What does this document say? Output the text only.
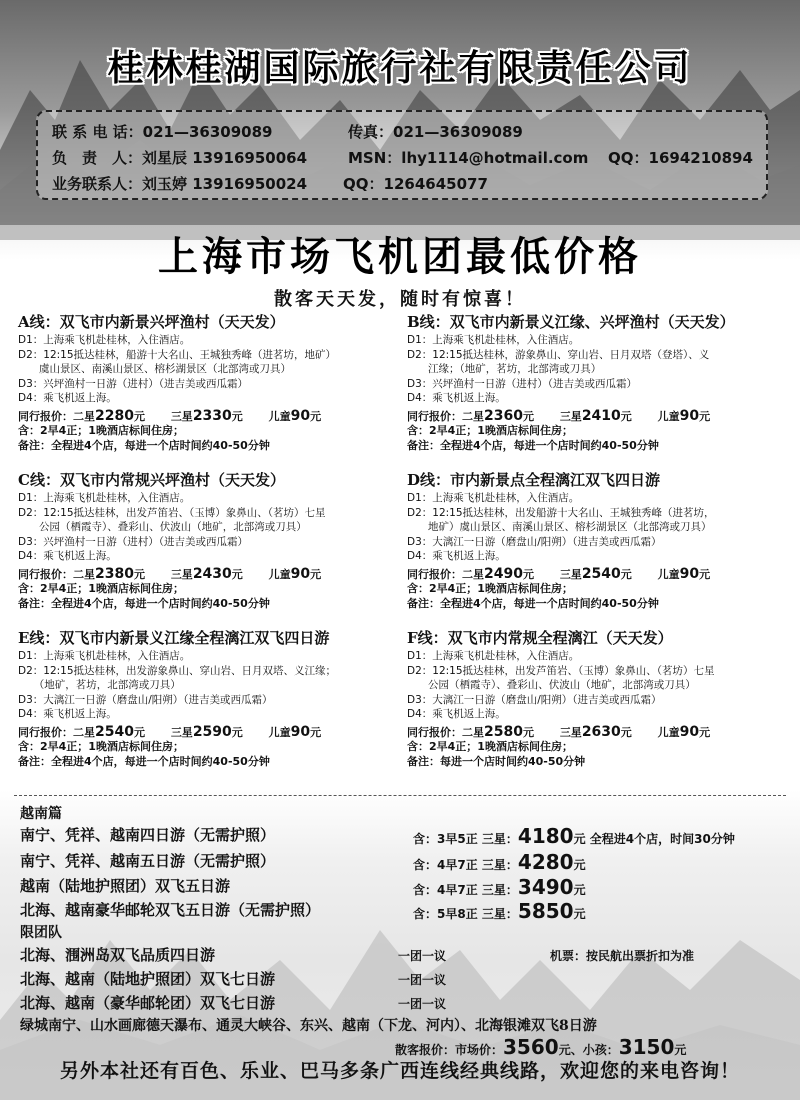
桂林桂湖国际旅行社有限责任公司
联 系 电 话：021—36309089	传真：021—36309089
负　责　人：刘星辰 13916950064	MSN：lhy1114@hotmail.com QQ：1694210894
业务联系人：刘玉婷 13916950024 QQ：1264645077
上海市场飞机团最低价格
散客天天发，随时有惊喜！
A线：双飞市内新景兴坪渔村（天天发）
D1：上海乘飞机赴桂林，入住酒店。
D2：12:15抵达桂林，船游十大名山、王城独秀峰（进茗坊，地矿）
　　虞山景区、南溪山景区、榕杉湖景区（北部湾或刀具）
D3：兴坪渔村一日游（进村）（进吉美或西瓜霜）
D4：乘飞机返上海。
同行报价：二星2280元 三星2330元 儿童90元
含：2早4正；1晚酒店标间住房；
备注：全程进4个店，每进一个店时间约40-50分钟
B线：双飞市内新景义江缘、兴坪渔村（天天发）
D1：上海乘飞机赴桂林，入住酒店。
D2：12:15抵达桂林，游象鼻山、穿山岩、日月双塔（登塔）、义
　　江缘；（地矿，茗坊，北部湾或刀具）
D3：兴坪渔村一日游（进村）（进吉美或西瓜霜）
D4：乘飞机返上海。
同行报价：二星2360元 三星2410元 儿童90元
含：2早4正；1晚酒店标间住房；
备注：全程进4个店，每进一个店时间约40-50分钟
C线：双飞市内常规兴坪渔村（天天发）
D1：上海乘飞机赴桂林，入住酒店。
D2：12:15抵达桂林，出发芦笛岩、（玉博）象鼻山、（茗坊）七星
　　公园（栖霞寺）、叠彩山、伏波山（地矿，北部湾或刀具）
D3：兴坪渔村一日游（进村）（进吉美或西瓜霜）
D4：乘飞机返上海。
同行报价：二星2380元 三星2430元 儿童90元
含：2早4正；1晚酒店标间住房；
备注：全程进4个店，每进一个店时间约40-50分钟
D线：市内新景点全程漓江双飞四日游
D1：上海乘飞机赴桂林，入住酒店。
D2：12:15抵达桂林，出发船游十大名山、王城独秀峰（进茗坊，
　　地矿）虞山景区、南溪山景区、榕杉湖景区（北部湾或刀具）
D3：大漓江一日游（磨盘山/阳朔）（进吉美或西瓜霜）
D4：乘飞机返上海。
同行报价：二星2490元 三星2540元 儿童90元
含：2早4正；1晚酒店标间住房；
备注：全程进4个店，每进一个店时间约40-50分钟
E线：双飞市内新景义江缘全程漓江双飞四日游
D1：上海乘飞机赴桂林，入住酒店。
D2：12:15抵达桂林，出发游象鼻山、穿山岩、日月双塔、义江缘；
　　（地矿，茗坊，北部湾或刀具）
D3：大漓江一日游（磨盘山/阳朔）（进吉美或西瓜霜）
D4：乘飞机返上海。
同行报价：二星2540元 三星2590元 儿童90元
含：2早4正；1晚酒店标间住房；
备注：全程进4个店，每进一个店时间约40-50分钟
F线：双飞市内常规全程漓江（天天发）
D1：上海乘飞机赴桂林，入住酒店。
D2：12:15抵达桂林，出发芦笛岩、（玉博）象鼻山、（茗坊）七星
　　公园（栖霞寺）、叠彩山、伏波山（地矿，北部湾或刀具）
D3：大漓江一日游（磨盘山/阳朔）（进吉美或西瓜霜）
D4：乘飞机返上海。
同行报价：二星2580元 三星2630元 儿童90元
含：2早4正；1晚酒店标间住房；
备注：每进一个店时间约40-50分钟
越南篇
南宁、凭祥、越南四日游（无需护照）	含：3早5正 三星：4180元 全程进4个店，时间30分钟
南宁、凭祥、越南五日游（无需护照）	含：4早7正 三星：4280元
越南（陆地护照团）双飞五日游	含：4早7正 三星：3490元
北海、越南豪华邮轮双飞五日游（无需护照）	含：5早8正 三星：5850元
限团队
北海、涠洲岛双飞品质四日游	一团一议	机票：按民航出票折扣为准
北海、越南（陆地护照团）双飞七日游	一团一议
北海、越南（豪华邮轮团）双飞七日游	一团一议
绿城南宁、山水画廊德天瀑布、通灵大峡谷、东兴、越南（下龙、河内）、北海银滩双飞8日游
散客报价：市场价：3560元、小孩：3150元
另外本社还有百色、乐业、巴马多条广西连线经典线路，欢迎您的来电咨询！
